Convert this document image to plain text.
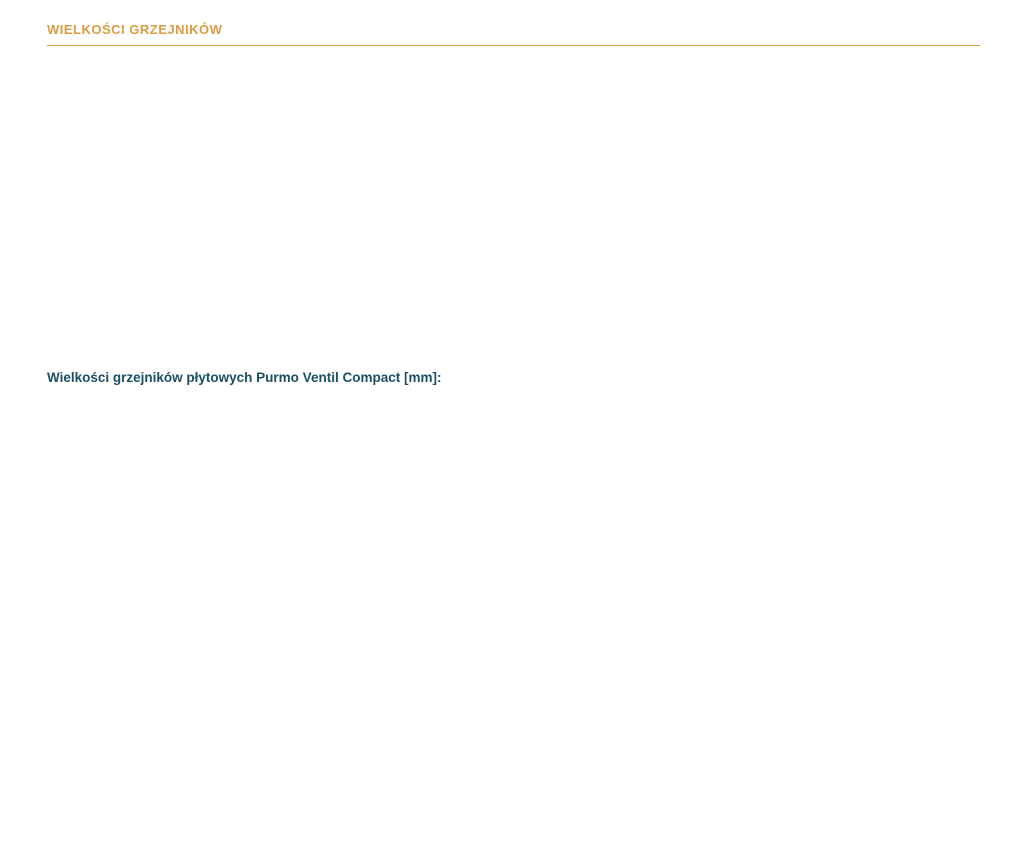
WIELKOŚCI GRZEJNIKÓW
Wielkości grzejników płytowych Purmo Ventil Compact [mm]:
